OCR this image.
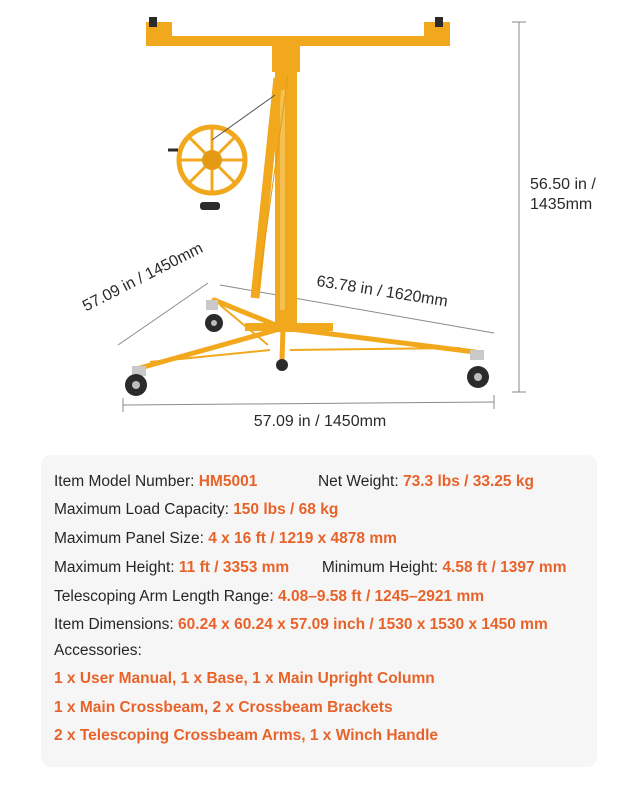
56.50 in /
1435mm
57.09 in / 1450mm	63.78 in / 1620mm
57.09 in / 1450mm
Item Model Number: HM5001	Net Weight: 73.3 lbs / 33.25 kg
Maximum Load Capacity: 150 lbs / 68 kg
Maximum Panel Size: 4 x 16 ft / 1219 x 4878 mm
Maximum Height: 11 ft / 3353 mm Minimum Height: 4.58 ft / 1397 mm
Telescoping Arm Length Range: 4.08–9.58 ft / 1245–2921 mm
Item Dimensions: 60.24 x 60.24 x 57.09 inch / 1530 x 1530 x 1450 mm
Accessories:
1 x User Manual, 1 x Base, 1 x Main Upright Column
1 x Main Crossbeam, 2 x Crossbeam Brackets
2 x Telescoping Crossbeam Arms, 1 x Winch Handle
